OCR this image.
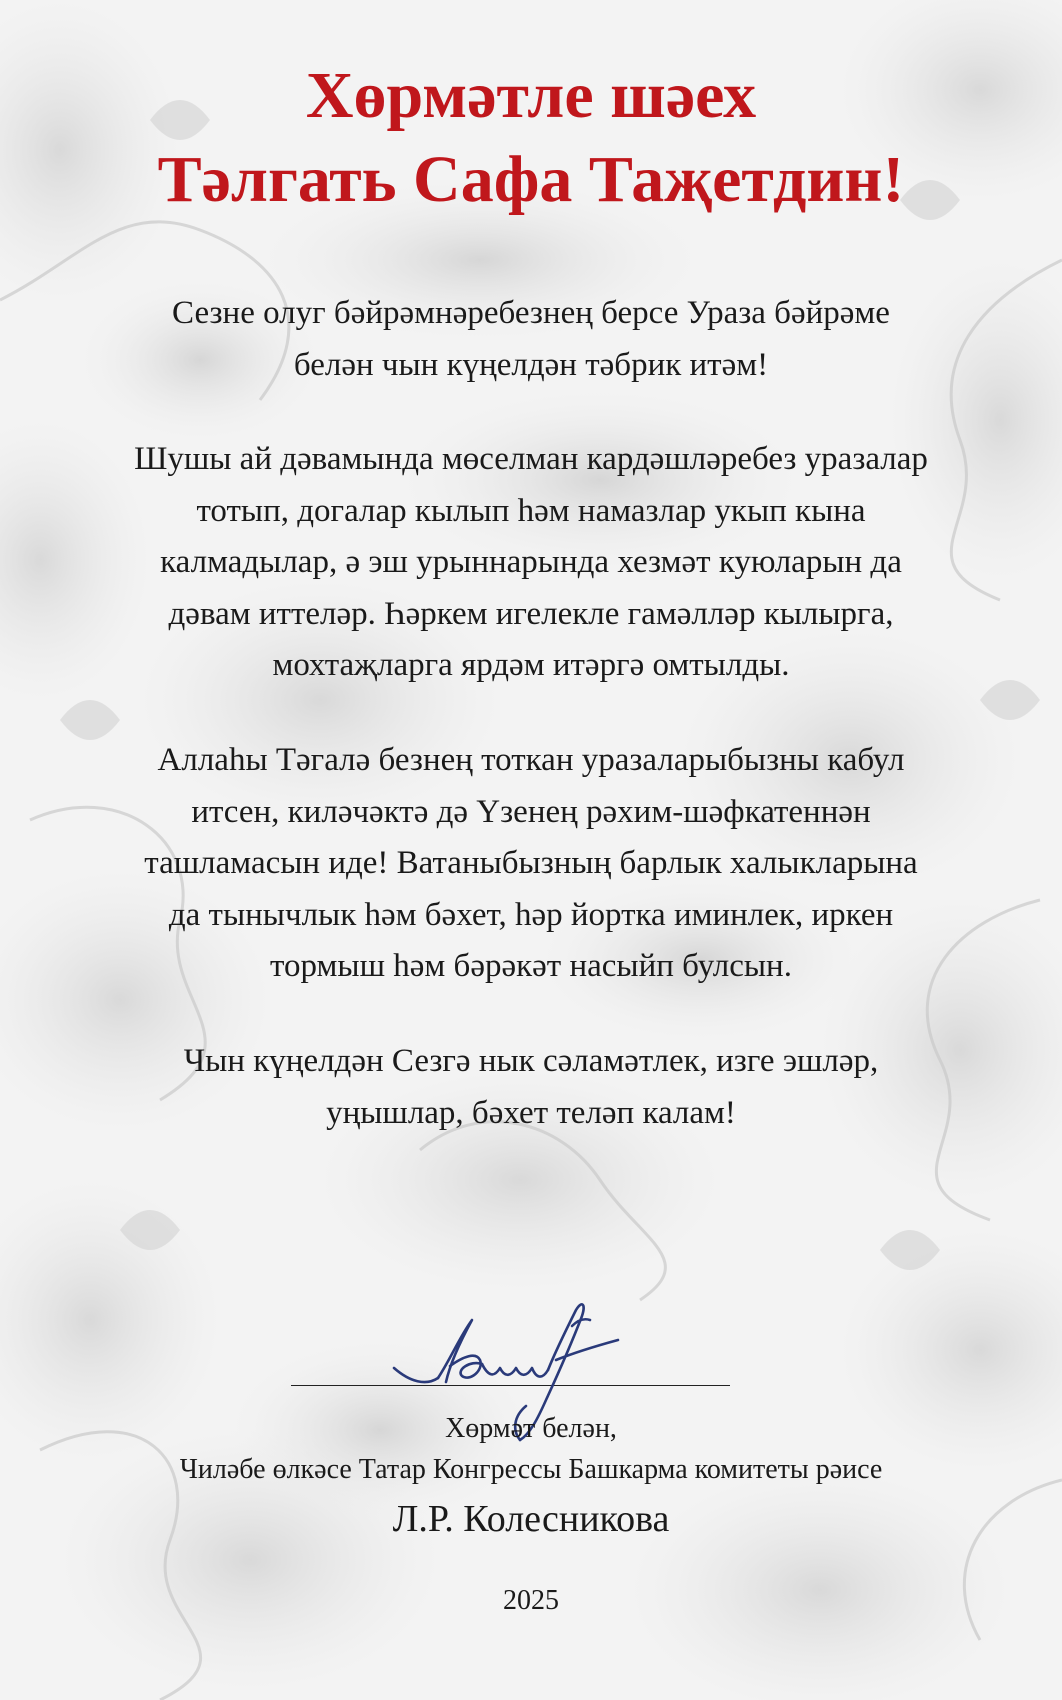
Хөрмәтле шәех
Тәлгать Сафа Таҗетдин!

Сезне олуг бәйрәмнәребезнең берсе Ураза бәйрәме
белән чын күңелдән тәбрик итәм!

Шушы ай дәвамында мөселман кардәшләребез уразалар
тотып, догалар кылып һәм намазлар укып кына
калмадылар, ә эш урыннарында хезмәт куюларын да
дәвам иттеләр. Һәркем игелекле гамәлләр кылырга,
мохтаҗларга ярдәм итәргә омтылды.

Аллаһы Тәгалә безнең тоткан уразаларыбызны кабул
итсен, киләчәктә дә Үзенең рәхим-шәфкатеннән
ташламасын иде! Ватаныбызның барлык халыкларына
да тынычлык һәм бәхет, һәр йортка иминлек, иркен
тормыш һәм бәрәкәт насыйп булсын.

Чын күңелдән Сезгә нык сәламәтлек, изге эшләр,
уңышлар, бәхет теләп калам!

Хөрмәт белән,

Чиләбе өлкәсе Татар Конгрессы Башкарма комитеты рәисе

Л.Р. Колесникова

2025
